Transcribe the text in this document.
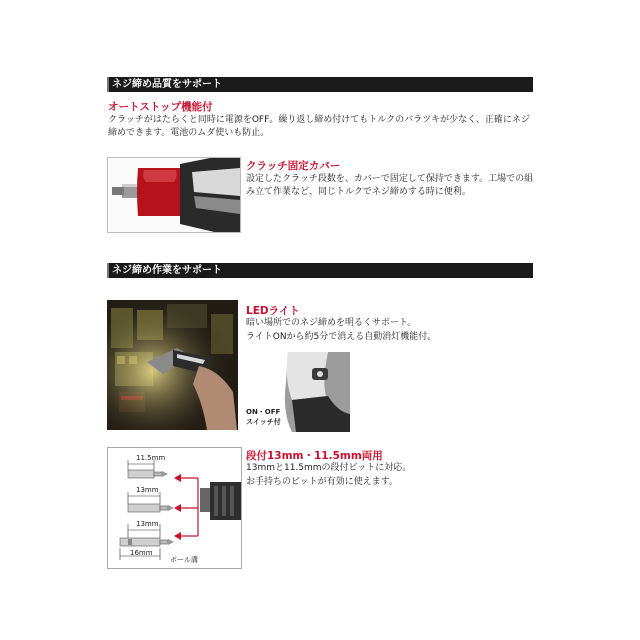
ネジ締め品質をサポート
オートストップ機能付
クラッチがはたらくと同時に電源をOFF。繰り返し締め付けてもトルクのバラツキが少なく、正確にネジ締めできます。電池のムダ使いも防止。
クラッチ固定カバー
設定したクラッチ段数を、カバーで固定して保持できます。工場での組み立て作業など、同じトルクでネジ締めする時に便利。
ネジ締め作業をサポート
LEDライト
暗い場所でのネジ締めを明るくサポート。
ライトONから約5分で消える自動消灯機能付。
ON・OFF
スイッチ付
11.5mm
13mm
13mm
16mm
ボール溝
段付13mm・11.5mm両用
13mmと11.5mmの段付ビットに対応。
お手持ちのビットが有効に使えます。
